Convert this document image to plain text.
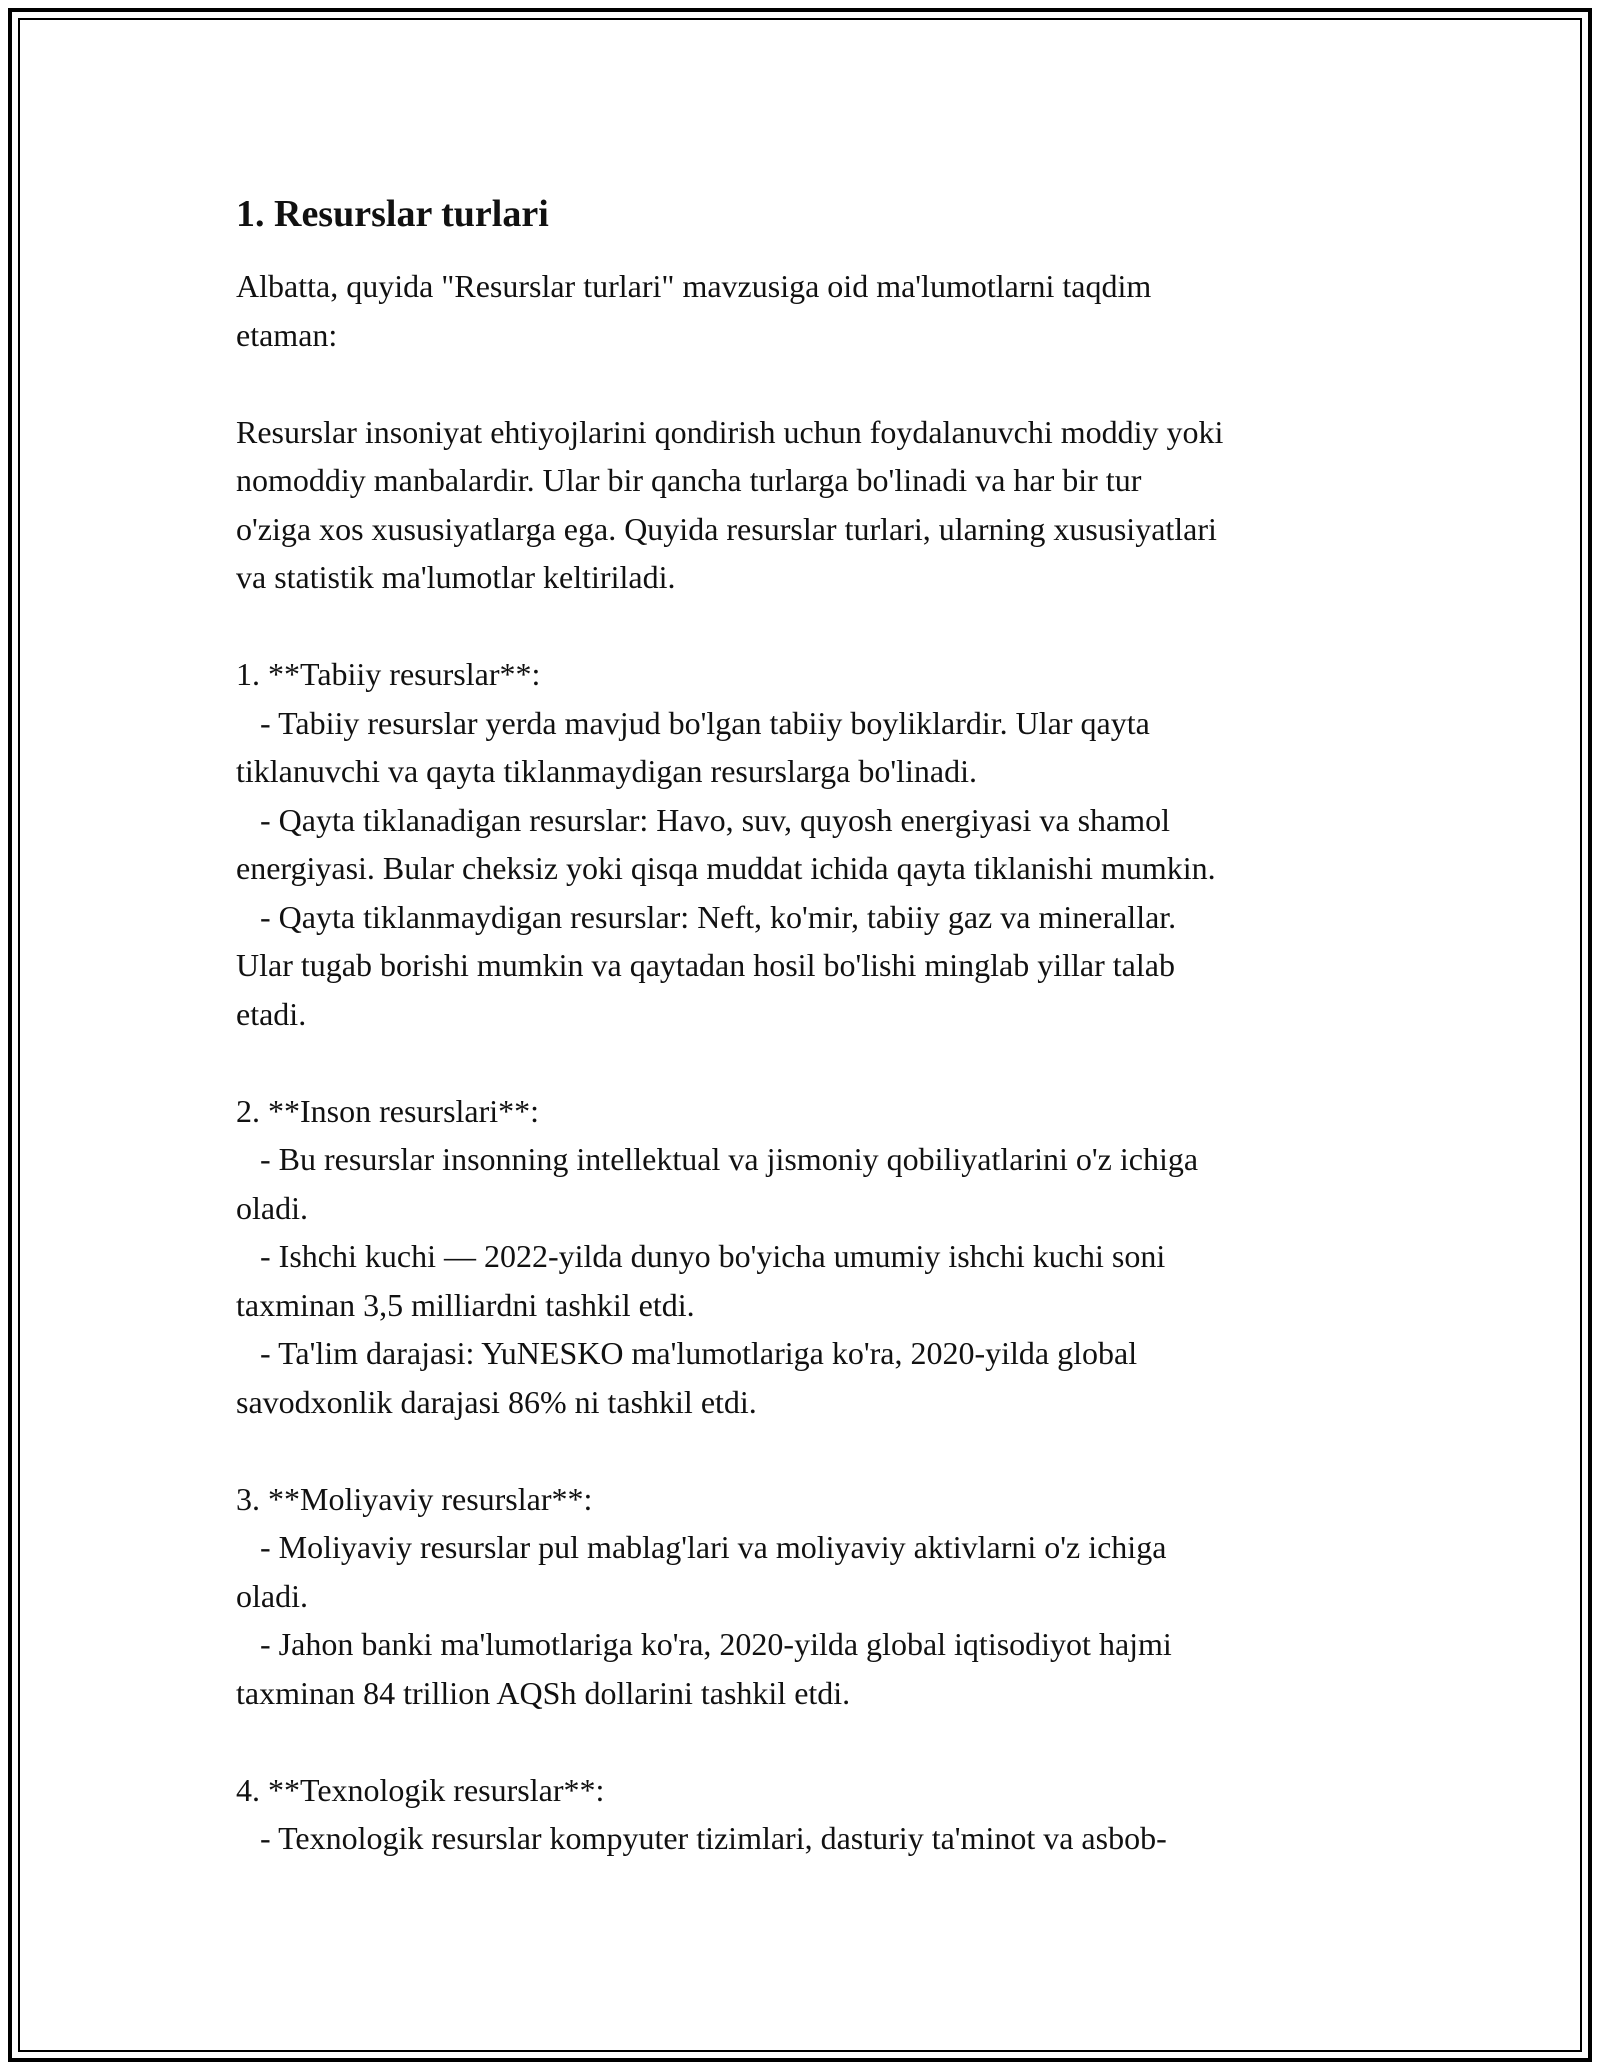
1. Resurslar turlari

Albatta, quyida "Resurslar turlari" mavzusiga oid ma'lumotlarni taqdim
etaman:

Resurslar insoniyat ehtiyojlarini qondirish uchun foydalanuvchi moddiy yoki
nomoddiy manbalardir. Ular bir qancha turlarga bo'linadi va har bir tur
o'ziga xos xususiyatlarga ega. Quyida resurslar turlari, ularning xususiyatlari
va statistik ma'lumotlar keltiriladi.

1. **Tabiiy resurslar**:
- Tabiiy resurslar yerda mavjud bo'lgan tabiiy boyliklardir. Ular qayta
tiklanuvchi va qayta tiklanmaydigan resurslarga bo'linadi.
- Qayta tiklanadigan resurslar: Havo, suv, quyosh energiyasi va shamol
energiyasi. Bular cheksiz yoki qisqa muddat ichida qayta tiklanishi mumkin.
- Qayta tiklanmaydigan resurslar: Neft, ko'mir, tabiiy gaz va minerallar.
Ular tugab borishi mumkin va qaytadan hosil bo'lishi minglab yillar talab
etadi.

2. **Inson resurslari**:
- Bu resurslar insonning intellektual va jismoniy qobiliyatlarini o'z ichiga
oladi.
- Ishchi kuchi — 2022-yilda dunyo bo'yicha umumiy ishchi kuchi soni
taxminan 3,5 milliardni tashkil etdi.
- Ta'lim darajasi: YuNESKO ma'lumotlariga ko'ra, 2020-yilda global
savodxonlik darajasi 86% ni tashkil etdi.

3. **Moliyaviy resurslar**:
- Moliyaviy resurslar pul mablag'lari va moliyaviy aktivlarni o'z ichiga
oladi.
- Jahon banki ma'lumotlariga ko'ra, 2020-yilda global iqtisodiyot hajmi
taxminan 84 trillion AQSh dollarini tashkil etdi.

4. **Texnologik resurslar**:
- Texnologik resurslar kompyuter tizimlari, dasturiy ta'minot va asbob-
